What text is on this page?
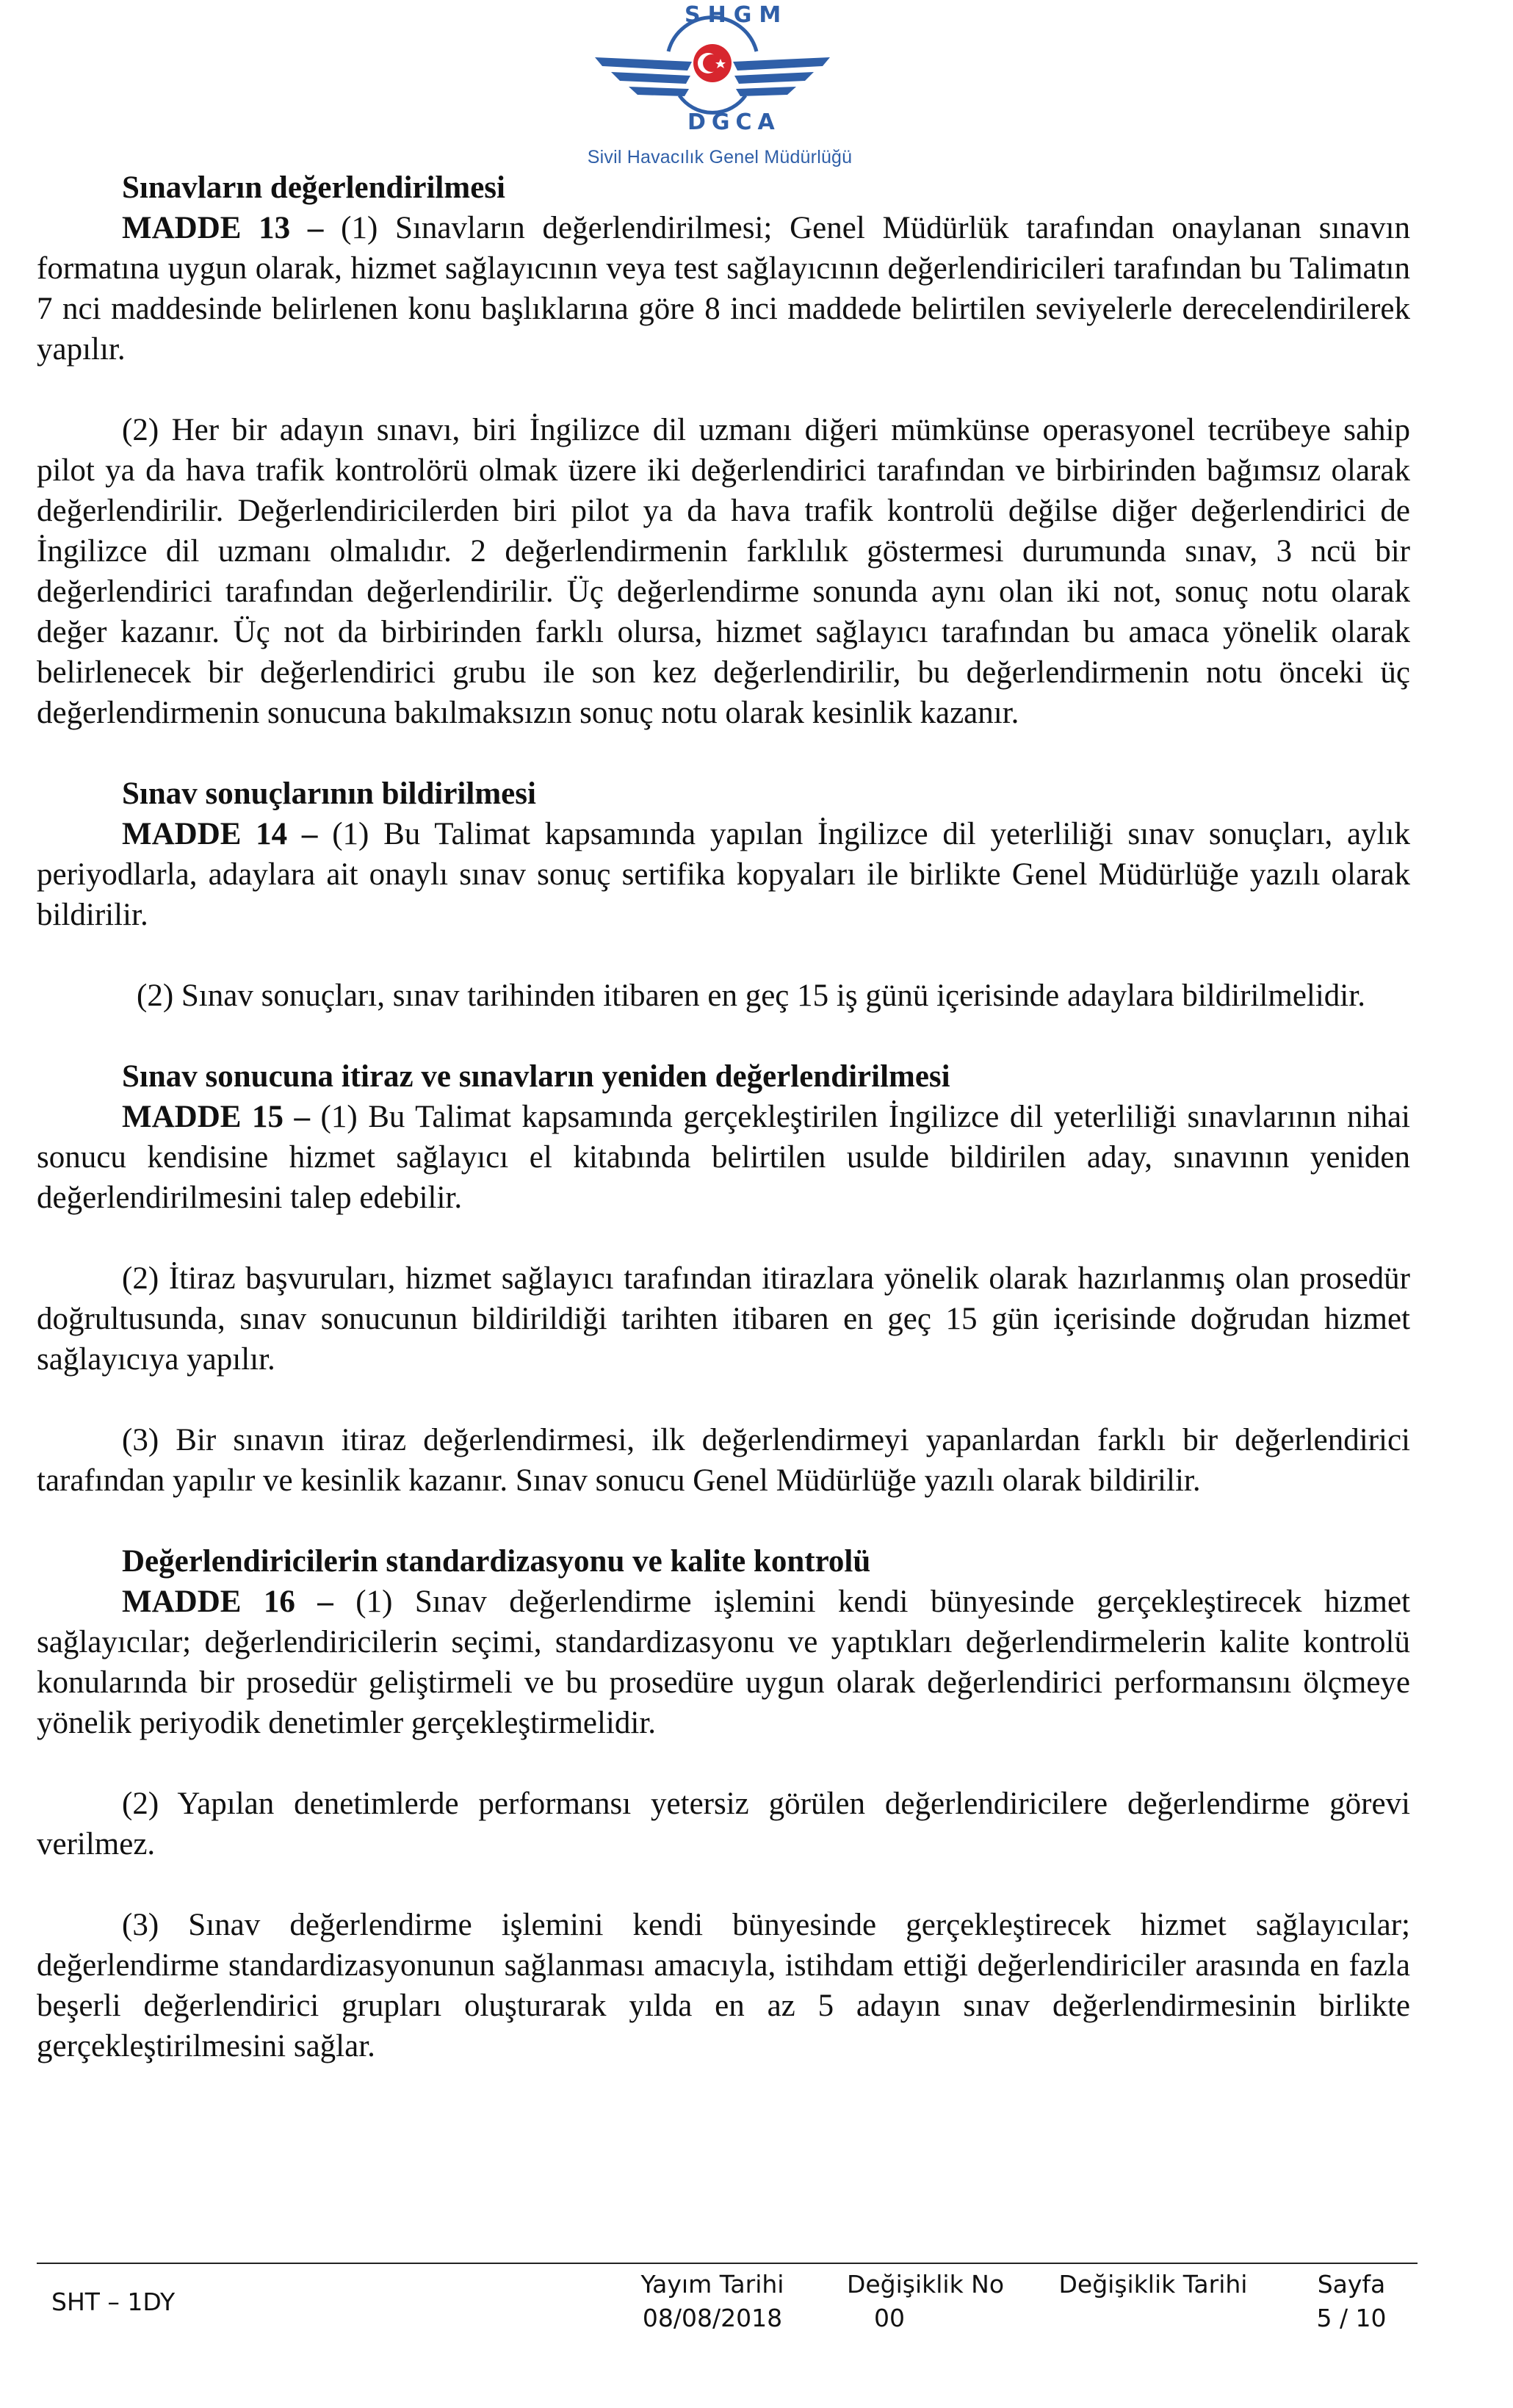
SHGM
DGCA
Sivil Havacılık Genel Müdürlüğü
Sınavların değerlendirilmesi

MADDE 13 – (1) Sınavların değerlendirilmesi; Genel Müdürlük tarafından onaylanan sınavın formatına uygun olarak, hizmet sağlayıcının veya test sağlayıcının değerlendiricileri tarafından bu Talimatın 7 nci maddesinde belirlenen konu başlıklarına göre 8 inci maddede belirtilen seviyelerle derecelendirilerek yapılır.

(2) Her bir adayın sınavı, biri İngilizce dil uzmanı diğeri mümkünse operasyonel tecrübeye sahip pilot ya da hava trafik kontrolörü olmak üzere iki değerlendirici tarafından ve birbirinden bağımsız olarak değerlendirilir. Değerlendiricilerden biri pilot ya da hava trafik kontrolü değilse diğer değerlendirici de İngilizce dil uzmanı olmalıdır. 2 değerlendirmenin farklılık göstermesi durumunda sınav, 3 ncü bir değerlendirici tarafından değerlendirilir. Üç değerlendirme sonunda aynı olan iki not, sonuç notu olarak değer kazanır. Üç not da birbirinden farklı olursa, hizmet sağlayıcı tarafından bu amaca yönelik olarak belirlenecek bir değerlendirici grubu ile son kez değerlendirilir, bu değerlendirmenin notu önceki üç değerlendirmenin sonucuna bakılmaksızın sonuç notu olarak kesinlik kazanır.

Sınav sonuçlarının bildirilmesi

MADDE 14 – (1) Bu Talimat kapsamında yapılan İngilizce dil yeterliliği sınav sonuçları, aylık periyodlarla, adaylara ait onaylı sınav sonuç sertifika kopyaları ile birlikte Genel Müdürlüğe yazılı olarak bildirilir.

(2) Sınav sonuçları, sınav tarihinden itibaren en geç 15 iş günü içerisinde adaylara bildirilmelidir.

Sınav sonucuna itiraz ve sınavların yeniden değerlendirilmesi

MADDE 15 – (1) Bu Talimat kapsamında gerçekleştirilen İngilizce dil yeterliliği sınavlarının nihai sonucu kendisine hizmet sağlayıcı el kitabında belirtilen usulde bildirilen aday, sınavının yeniden değerlendirilmesini talep edebilir.

(2) İtiraz başvuruları, hizmet sağlayıcı tarafından itirazlara yönelik olarak hazırlanmış olan prosedür doğrultusunda, sınav sonucunun bildirildiği tarihten itibaren en geç 15 gün içerisinde doğrudan hizmet sağlayıcıya yapılır.

(3) Bir sınavın itiraz değerlendirmesi, ilk değerlendirmeyi yapanlardan farklı bir değerlendirici tarafından yapılır ve kesinlik kazanır. Sınav sonucu Genel Müdürlüğe yazılı olarak bildirilir.

Değerlendiricilerin standardizasyonu ve kalite kontrolü

MADDE 16 – (1) Sınav değerlendirme işlemini kendi bünyesinde gerçekleştirecek hizmet sağlayıcılar; değerlendiricilerin seçimi, standardizasyonu ve yaptıkları değerlendirmelerin kalite kontrolü konularında bir prosedür geliştirmeli ve bu prosedüre uygun olarak değerlendirici performansını ölçmeye yönelik periyodik denetimler gerçekleştirmelidir.

(2) Yapılan denetimlerde performansı yetersiz görülen değerlendiricilere değerlendirme görevi verilmez.

(3) Sınav değerlendirme işlemini kendi bünyesinde gerçekleştirecek hizmet sağlayıcılar; değerlendirme standardizasyonunun sağlanması amacıyla, istihdam ettiği değerlendiriciler arasında en fazla beşerli değerlendirici grupları oluşturarak yılda en az 5 adayın sınav değerlendirmesinin birlikte gerçekleştirilmesini sağlar.

SHT – 1DY
Yayım Tarihi
08/08/2018
Değişiklik No
00
Değişiklik Tarihi	Sayfa
5 / 10
